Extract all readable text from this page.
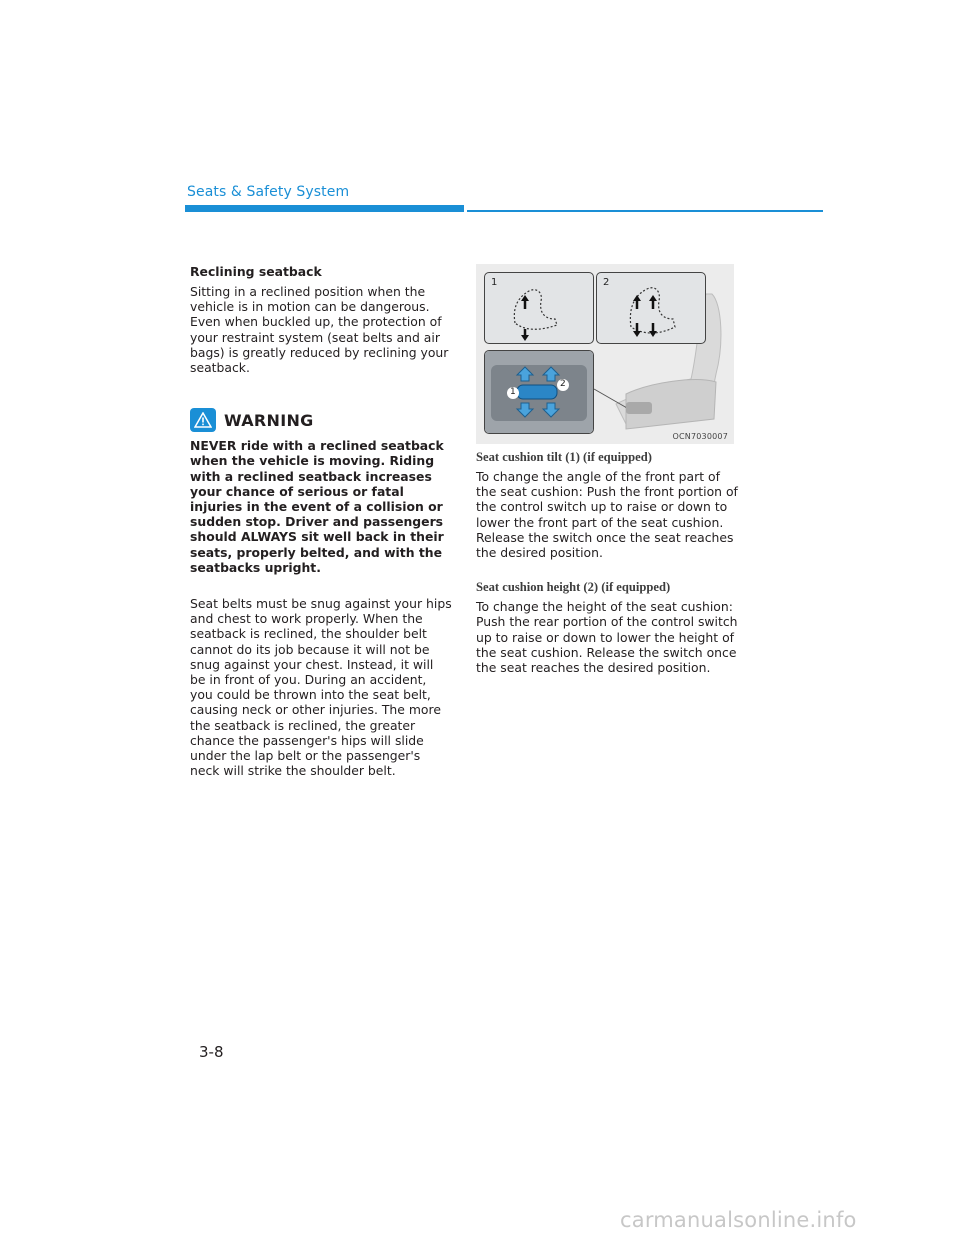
Seats & Safety System

Reclining seatback

Sitting in a reclined position when the vehicle is in motion can be dangerous. Even when buckled up, the protection of your restraint system (seat belts and air bags) is greatly reduced by reclining your seatback.

WARNING

NEVER ride with a reclined seatback when the vehicle is moving. Riding with a reclined seatback increases your chance of serious or fatal injuries in the event of a collision or sudden stop. Driver and passengers should ALWAYS sit well back in their seats, properly belted, and with the seatbacks upright.

Seat belts must be snug against your hips and chest to work properly. When the seatback is reclined, the shoulder belt cannot do its job because it will not be snug against your chest. Instead, it will be in front of you. During an accident, you could be thrown into the seat belt, causing neck or other injuries. The more the seatback is reclined, the greater chance the passenger's hips will slide under the lap belt or the passenger's neck will strike the shoulder belt.

1	2
1
2
OCN7030007

Seat cushion tilt (1) (if equipped)

To change the angle of the front part of the seat cushion: Push the front portion of the control switch up to raise or down to lower the front part of the seat cushion. Release the switch once the seat reaches the desired position.

Seat cushion height (2) (if equipped)

To change the height of the seat cushion: Push the rear portion of the control switch up to raise or down to lower the height of the seat cushion. Release the switch once the seat reaches the desired position.

3-8
carmanualsonline.info
